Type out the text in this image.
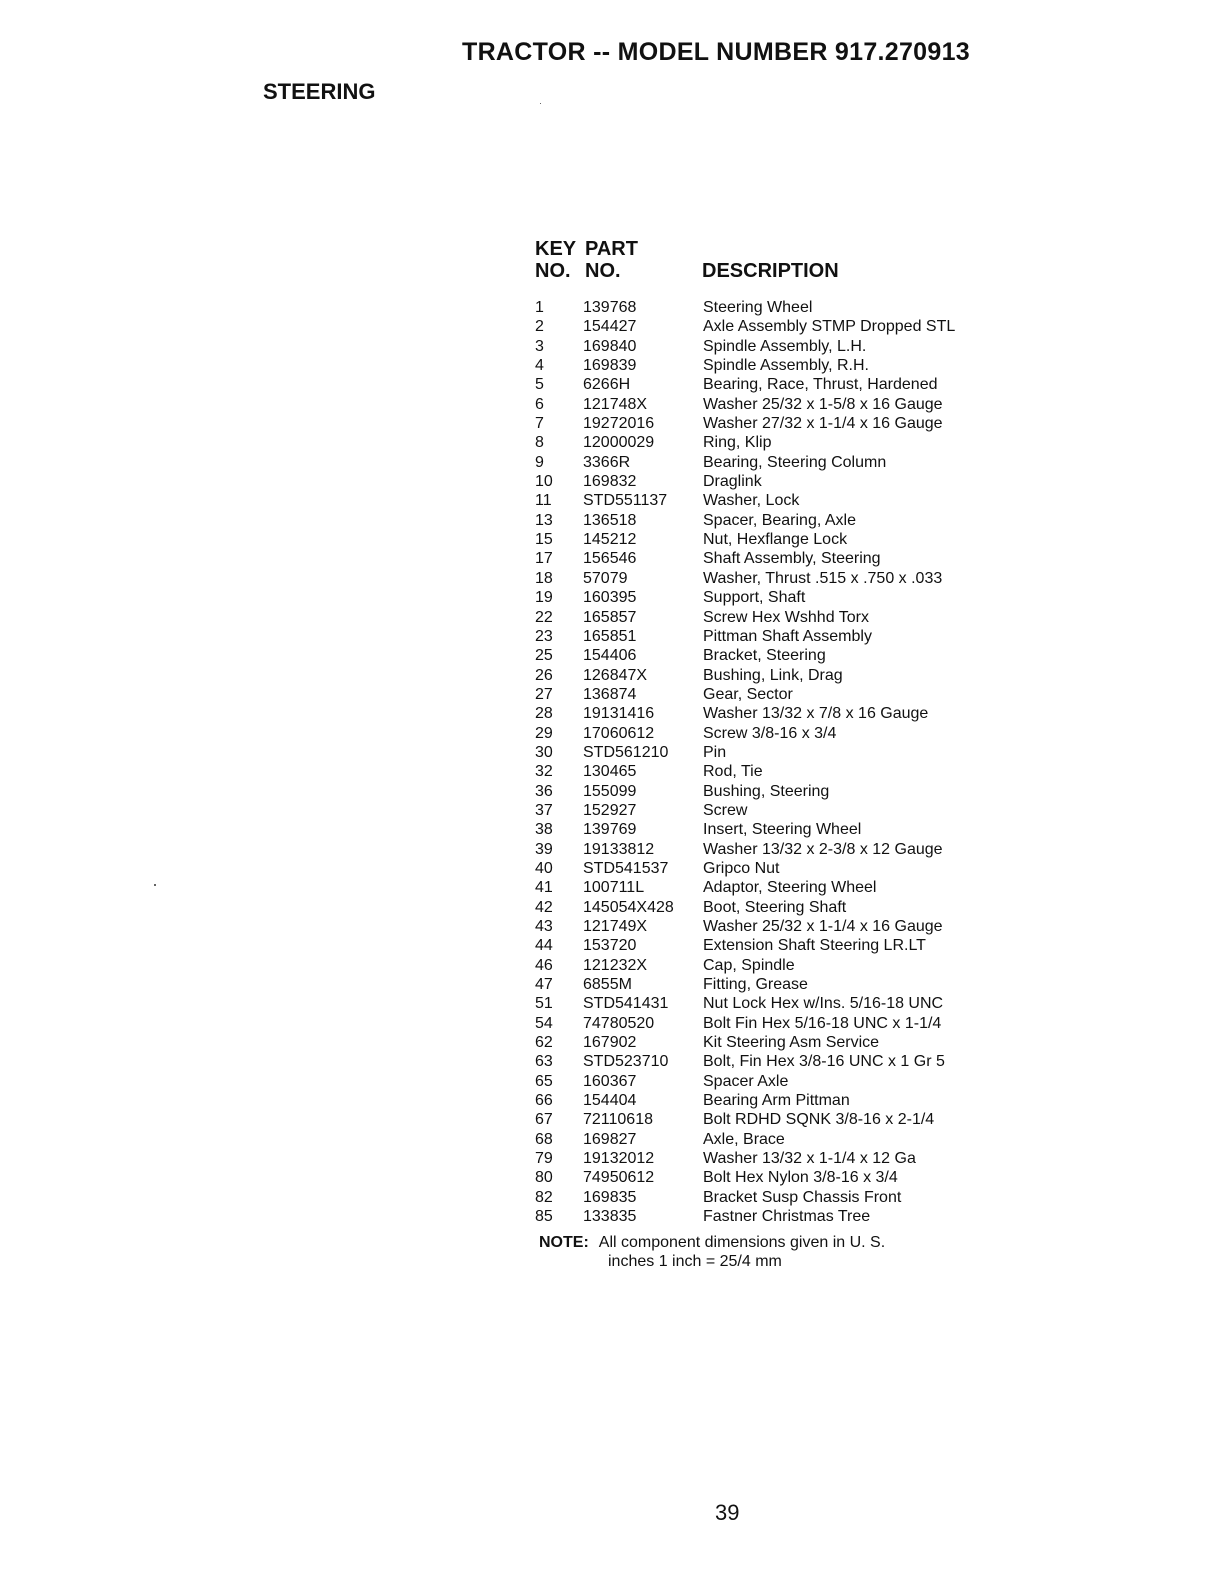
TRACTOR -- MODEL NUMBER 917.270913
STEERING
KEY PART
NO. NO.	DESCRIPTION
1 139768	Steering Wheel
2 154427	Axle Assembly STMP Dropped STL
3 169840	Spindle Assembly, L.H.
4 169839	Spindle Assembly, R.H.
5 6266H	Bearing, Race, Thrust, Hardened
6 121748X	Washer 25/32 x 1-5/8 x 16 Gauge
7 19272016	Washer 27/32 x 1-1/4 x 16 Gauge
8 12000029	Ring, Klip
9 3366R	Bearing, Steering Column
10 169832	Draglink
11 STD551137 Washer, Lock
13 136518	Spacer, Bearing, Axle
15 145212	Nut, Hexflange Lock
17 156546	Shaft Assembly, Steering
18 57079	Washer, Thrust .515 x .750 x .033
19 160395	Support, Shaft
22 165857	Screw Hex Wshhd Torx
23 165851	Pittman Shaft Assembly
25 154406	Bracket, Steering
26 126847X	Bushing, Link, Drag
27 136874	Gear, Sector
28 19131416	Washer 13/32 x 7/8 x 16 Gauge
29 17060612	Screw 3/8-16 x 3/4
30 STD561210 Pin
32 130465	Rod, Tie
36 155099	Bushing, Steering
37 152927	Screw
38 139769	Insert, Steering Wheel
39 19133812	Washer 13/32 x 2-3/8 x 12 Gauge
40 STD541537 Gripco Nut
41 100711L	Adaptor, Steering Wheel
42 145054X428 Boot, Steering Shaft
43 121749X	Washer 25/32 x 1-1/4 x 16 Gauge
44 153720	Extension Shaft Steering LR.LT
46 121232X	Cap, Spindle
47 6855M	Fitting, Grease
51 STD541431 Nut Lock Hex w/Ins. 5/16-18 UNC
54 74780520	Bolt Fin Hex 5/16-18 UNC x 1-1/4
62 167902	Kit Steering Asm Service
63 STD523710 Bolt, Fin Hex 3/8-16 UNC x 1 Gr 5
65 160367	Spacer Axle
66 154404	Bearing Arm Pittman
67 72110618	Bolt RDHD SQNK 3/8-16 x 2-1/4
68 169827	Axle, Brace
79 19132012	Washer 13/32 x 1-1/4 x 12 Ga
80 74950612	Bolt Hex Nylon 3/8-16 x 3/4
82 169835	Bracket Susp Chassis Front
85 133835	Fastner Christmas Tree
NOTE: All component dimensions given in U. S.
inches 1 inch = 25/4 mm
39
